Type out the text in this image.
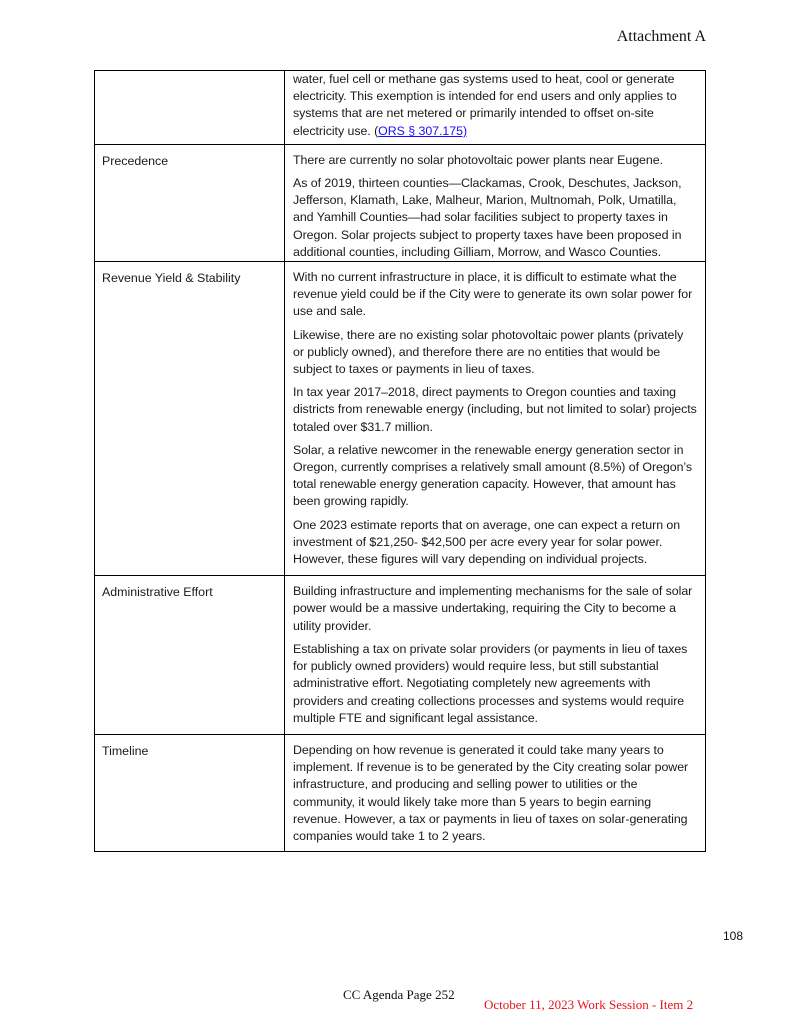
Attachment A

	water, fuel cell or methane gas systems used to heat, cool or generate electricity. This exemption is intended for end users and only applies to systems that are net metered or primarily intended to offset on-site electricity use. (ORS § 307.175)

Precedence	There are currently no solar photovoltaic power plants near Eugene.

As of 2019, thirteen counties—Clackamas, Crook, Deschutes, Jackson, Jefferson, Klamath, Lake, Malheur, Marion, Multnomah, Polk, Umatilla, and Yamhill Counties—had solar facilities subject to property taxes in Oregon. Solar projects subject to property taxes have been proposed in additional counties, including Gilliam, Morrow, and Wasco Counties.

Revenue Yield & Stability	With no current infrastructure in place, it is difficult to estimate what the revenue yield could be if the City were to generate its own solar power for use and sale.

Likewise, there are no existing solar photovoltaic power plants (privately or publicly owned), and therefore there are no entities that would be subject to taxes or payments in lieu of taxes.

In tax year 2017–2018, direct payments to Oregon counties and taxing districts from renewable energy (including, but not limited to solar) projects totaled over $31.7 million.

Solar, a relative newcomer in the renewable energy generation sector in Oregon, currently comprises a relatively small amount (8.5%) of Oregon’s total renewable energy generation capacity. However, that amount has been growing rapidly.

One 2023 estimate reports that on average, one can expect a return on investment of $21,250- $42,500 per acre every year for solar power. However, these figures will vary depending on individual projects.

Administrative Effort	Building infrastructure and implementing mechanisms for the sale of solar power would be a massive undertaking, requiring the City to become a utility provider.

Establishing a tax on private solar providers (or payments in lieu of taxes for publicly owned providers) would require less, but still substantial administrative effort. Negotiating completely new agreements with providers and creating collections processes and systems would require multiple FTE and significant legal assistance.

Timeline	Depending on how revenue is generated it could take many years to implement. If revenue is to be generated by the City creating solar power infrastructure, and producing and selling power to utilities or the community, it would likely take more than 5 years to begin earning revenue. However, a tax or payments in lieu of taxes on solar-generating companies would take 1 to 2 years.

108
CC Agenda Page 252
October 11, 2023 Work Session - Item 2
